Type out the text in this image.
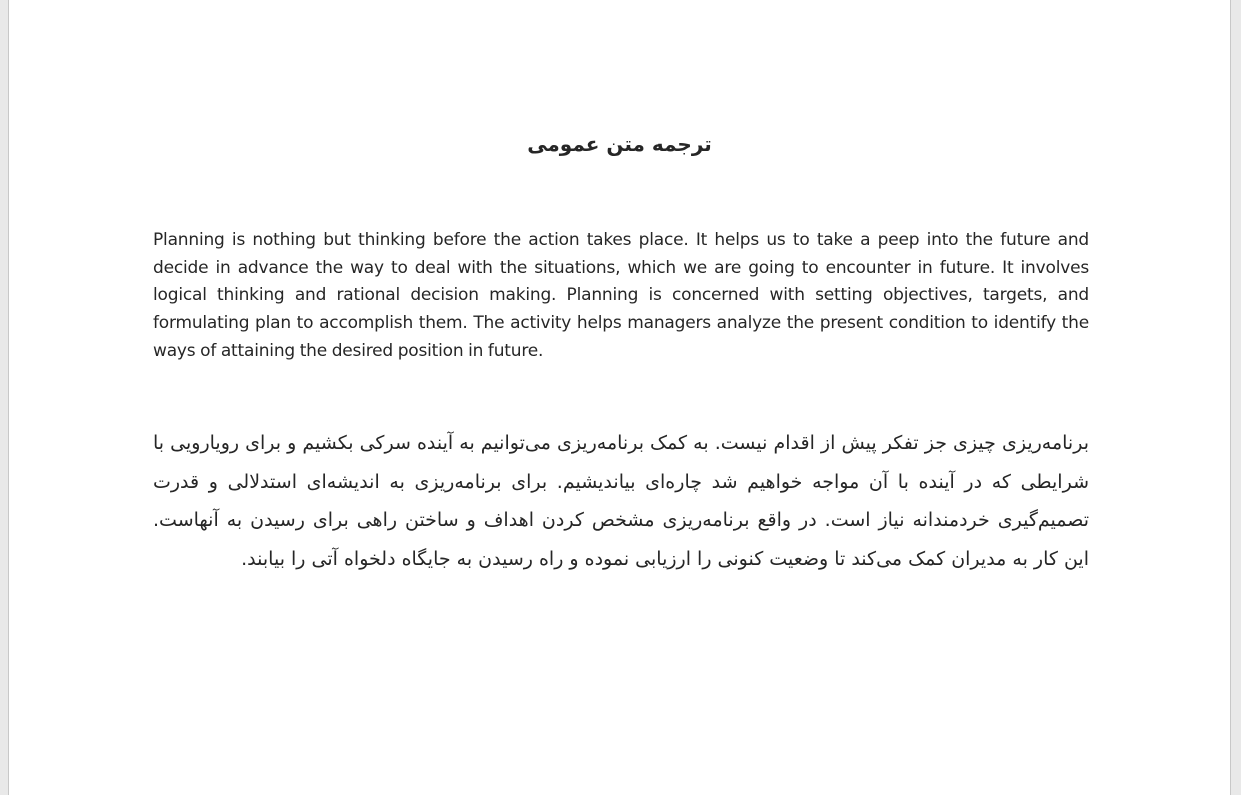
ترجمه متن عمومی

Planning is nothing but thinking before the action takes place. It helps us to take a peep into the future and decide in advance the way to deal with the situations, which we are going to encounter in future. It involves logical thinking and rational decision making. Planning is concerned with setting objectives, targets, and formulating plan to accomplish them. The activity helps managers analyze the present condition to identify the ways of attaining the desired position in future.

برنامه‌ریزی چیزی جز تفکر پیش از اقدام نیست. به کمک برنامه‌ریزی می‌توانیم به آینده سرکی بکشیم و برای رویارویی با شرایطی که در آینده با آن مواجه خواهیم شد چاره‌ای بیاندیشیم. برای برنامه‌ریزی به اندیشه‌ای استدلالی و قدرت تصمیم‌گیری خردمندانه نیاز است. در واقع برنامه‌ریزی مشخص کردن اهداف و ساختن راهی برای رسیدن به آنهاست. این کار به مدیران کمک می‌کند تا وضعیت کنونی را ارزیابی نموده و راه رسیدن به جایگاه دلخواه آتی را بیابند.
